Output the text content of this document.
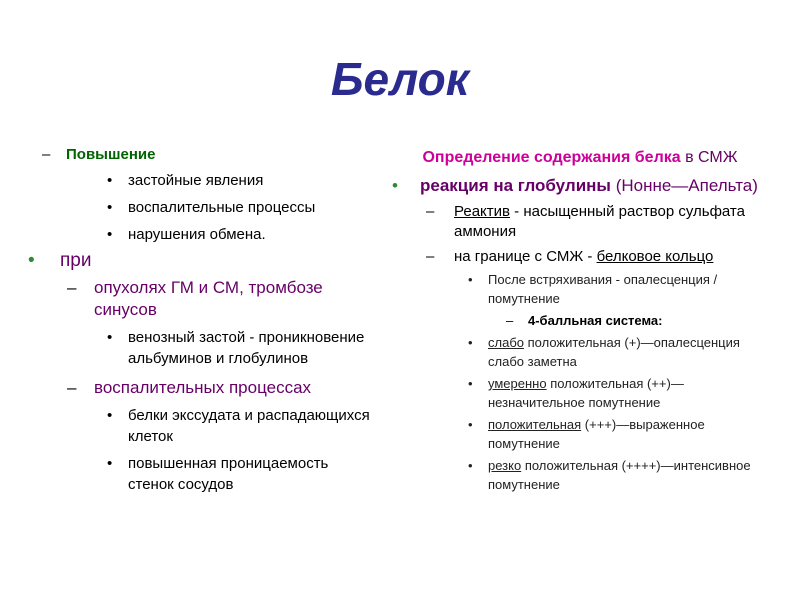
Белок
– Повышение
• застойные явления
• воспалительные процессы
• нарушения обмена.
• при
– опухолях ГМ и СМ, тромбозе синусов
• венозный застой - проникновение альбуминов и глобулинов
– воспалительных процессах
• белки экссудата и распадающихся клеток
• повышенная проницаемость стенок сосудов
Определение содержания белка в СМЖ
• реакция на глобулины (Нонне—Апельта)
– Реактив - насыщенный раствор сульфата аммония
– на границе с СМЖ - белковое кольцо
• После встряхивания - опалесценция / помутнение
– 4-балльная система:
• слабо положительная (+)—опалесценция слабо заметна
• умеренно положительная (++)—незначительное помутнение
• положительная (+++)—выраженное помутнение
• резко положительная (++++)—интенсивное помутнение
